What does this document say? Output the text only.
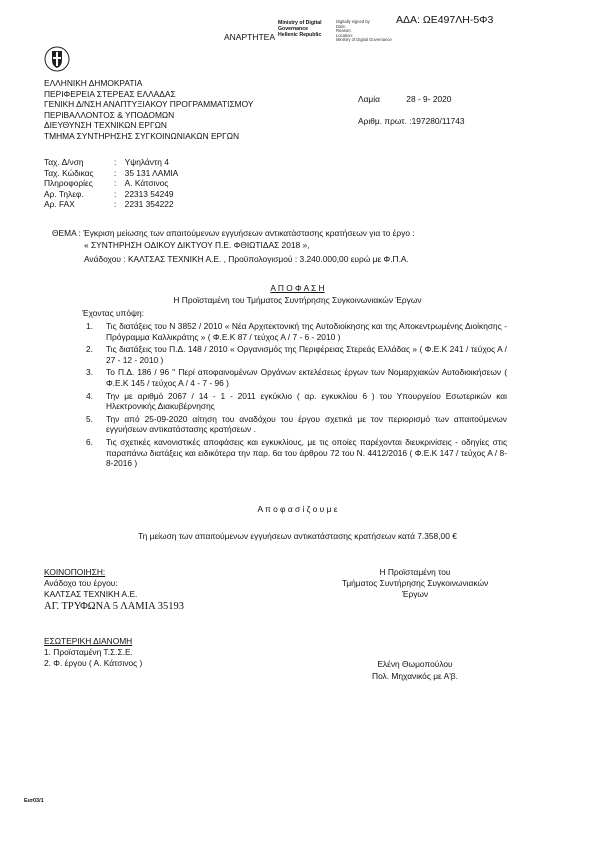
ΑΔΑ: ΩΕ497ΛΗ-5Φ3
ΑΝΑΡΤΗΤΕΑ
Ministry of Digital
Governance
Hellenic Republic
Digitally signed by
Date:
Reason:
Location:
Ministry of Digital Governance
ΕΛΛΗΝΙΚΗ ΔΗΜΟΚΡΑΤΙΑ
ΠΕΡΙΦΕΡΕΙΑ ΣΤΕΡΕΑΣ ΕΛΛΑΔΑΣ
ΓΕΝΙΚΗ Δ/ΝΣΗ ΑΝΑΠΤΥΞΙΑΚΟΥ ΠΡΟΓΡΑΜΜΑΤΙΣΜΟΥ
ΠΕΡΙΒΑΛΛΟΝΤΟΣ & ΥΠΟΔΟΜΩΝ
ΔΙΕΥΘΥΝΣΗ ΤΕΧΝΙΚΩΝ ΕΡΓΩΝ
ΤΜΗΜΑ ΣΥΝΤΗΡΗΣΗΣ ΣΥΓΚΟΙΝΩΝΙΑΚΩΝ ΕΡΓΩΝ
Λαμία	28 - 9- 2020
Αριθμ. πρωτ. :197280/11743
Ταχ. Δ/νση	: Υψηλάντη 4
Ταχ. Κώδικας : 35 131 ΛΑΜΙΑ
Πληροφορίες	: Α. Κάτσινος
Αρ. Τηλεφ.	: 22313 54249
Αρ. FAX	: 2231 354222
ΘΕΜΑ : Έγκριση μείωσης των απαιτούμενων εγγυήσεων αντικατάστασης κρατήσεων για το έργο :
« ΣΥΝΤΗΡΗΣΗ ΟΔΙΚΟΥ ΔΙΚΤΥΟΥ Π.Ε. ΦΘΙΩΤΙΔΑΣ 2018 »,
Ανάδοχου : ΚΑΛΤΣΑΣ ΤΕΧΝΙΚΗ Α.Ε. , Προϋπολογισμού : 3.240.000,00 ευρώ με Φ.Π.Α.
Α Π Ο Φ Α Σ Η
Η Προϊσταμένη του Τμήματος Συντήρησης Συγκοινωνιακών Έργων
Έχοντας υπόψη:
1. Τις διατάξεις του Ν 3852 / 2010 « Νέα Αρχιτεκτονική της Αυτοδιοίκησης και της Αποκεντρωμένης Διοίκησης - Πρόγραμμα Καλλικράτης » ( Φ.Ε.Κ 87 / τεύχος Α / 7 - 6 - 2010 )
2. Τις διατάξεις του Π.Δ. 148 / 2010 « Οργανισμός της Περιφέρειας Στερεάς Ελλάδας » ( Φ.Ε.Κ 241 / τεύχος Α / 27 - 12 - 2010 )
3. Το Π.Δ. 186 / 96 " Περί αποφαινομένων Οργάνων εκτελέσεως έργων των Νομαρχιακών Αυτοδιοικήσεων ( Φ.Ε.Κ 145 / τεύχος Α / 4 - 7 - 96 )
4. Την με αριθμό 2067 / 14 - 1 - 2011 εγκύκλιο ( αρ. εγκυκλίου 6 ) του Υπουργείου Εσωτερικών και Ηλεκτρονικής Διακυβέρνησης
5. Την από 25-09-2020 αίτηση του αναδόχου του έργου σχετικά με τον περιορισμό των απαιτούμενων εγγυήσεων αντικατάστασης κρατήσεων .
6. Τις σχετικές κανονιστικές αποφάσεις και εγκυκλίους, με τις οποίες παρέχονται διευκρινίσεις - οδηγίες στις παραπάνω διατάξεις και ειδικότερα την παρ. 6α του άρθρου 72 του Ν. 4412/2016 ( Φ.Ε.Κ 147 / τεύχος Α / 8-8-2016 )
Α π ο φ α σ ί ζ ο υ μ ε
Τη μείωση των απαιτούμενων εγγυήσεων αντικατάστασης κρατήσεων κατά 7.358,00 €
ΚΟΙΝΟΠΟΙΗΣΗ:
Ανάδοχο του έργου:
ΚΑΛΤΣΑΣ ΤΕΧΝΙΚΗ Α.Ε.
ΑΓ. ΤΡΥΦΩΝΑ 5 ΛΑΜΙΑ 35193
Η Προϊσταμένη του
Τμήματος Συντήρησης Συγκοινωνιακών
Έργων
Ελένη Θωμοπούλου
Πολ. Μηχανικός με Α'β.
ΕΣΩΤΕΡΙΚΗ ΔΙΑΝΟΜΗ
1. Προϊσταμένη Τ.Σ.Σ.Ε.
2. Φ. έργου ( Α. Κάτσινος )
Εισ03/1
